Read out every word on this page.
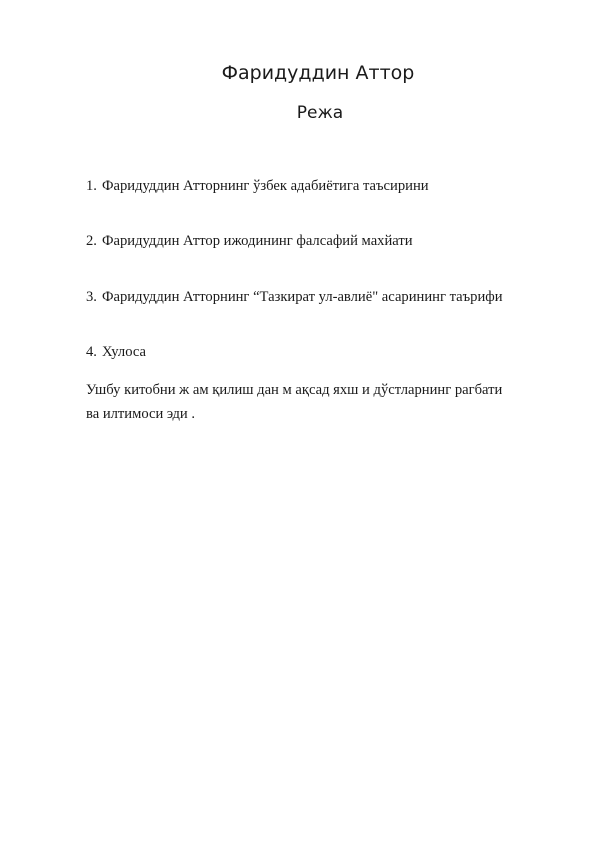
Фаридуддин Аттор
Режа
1. Фаридуддин Атторнинг ўзбек адабиётига таъсирини
2. Фаридуддин Аттор ижодининг фалсафий махйати
3. Фаридуддин Атторнинг “Тазкират ул-авлиё" асарининг таърифи
4. Хулоса

Ушбу китобни ж ам қилиш дан м ақсад яхш и дўстларнинг рагбати
ва илтимоси эди .
